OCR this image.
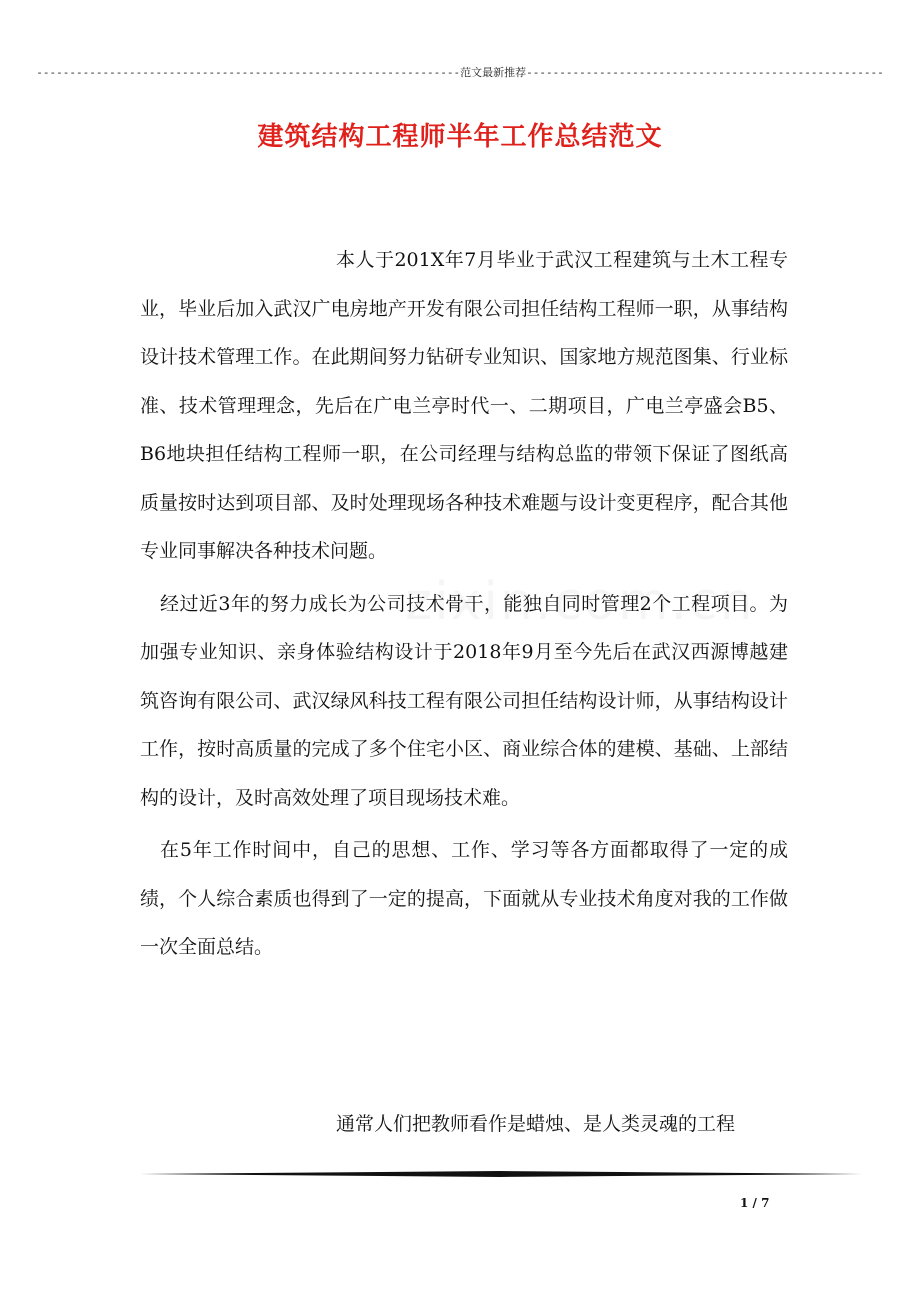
----------------------------------------------------------------范文最新推荐------------------------------------------------------
建筑结构工程师半年工作总结范文

本人于201X年7月毕业于武汉工程建筑与土木工程专业，毕业后加入武汉广电房地产开发有限公司担任结构工程师一职，从事结构设计技术管理工作。在此期间努力钻研专业知识、国家地方规范图集、行业标准、技术管理理念，先后在广电兰亭时代一、二期项目，广电兰亭盛会B5、B6地块担任结构工程师一职，在公司经理与结构总监的带领下保证了图纸高质量按时达到项目部、及时处理现场各种技术难题与设计变更程序，配合其他专业同事解决各种技术问题。

经过近3年的努力成长为公司技术骨干，能独自同时管理2个工程项目。为加强专业知识、亲身体验结构设计于2018年9月至今先后在武汉西源博越建筑咨询有限公司、武汉绿风科技工程有限公司担任结构设计师，从事结构设计工作，按时高质量的完成了多个住宅小区、商业综合体的建模、基础、上部结构的设计，及时高效处理了项目现场技术难。

在5年工作时间中，自己的思想、工作、学习等各方面都取得了一定的成绩，个人综合素质也得到了一定的提高，下面就从专业技术角度对我的工作做一次全面总结。

通常人们把教师看作是蜡烛、是人类灵魂的工程
1 / 7
